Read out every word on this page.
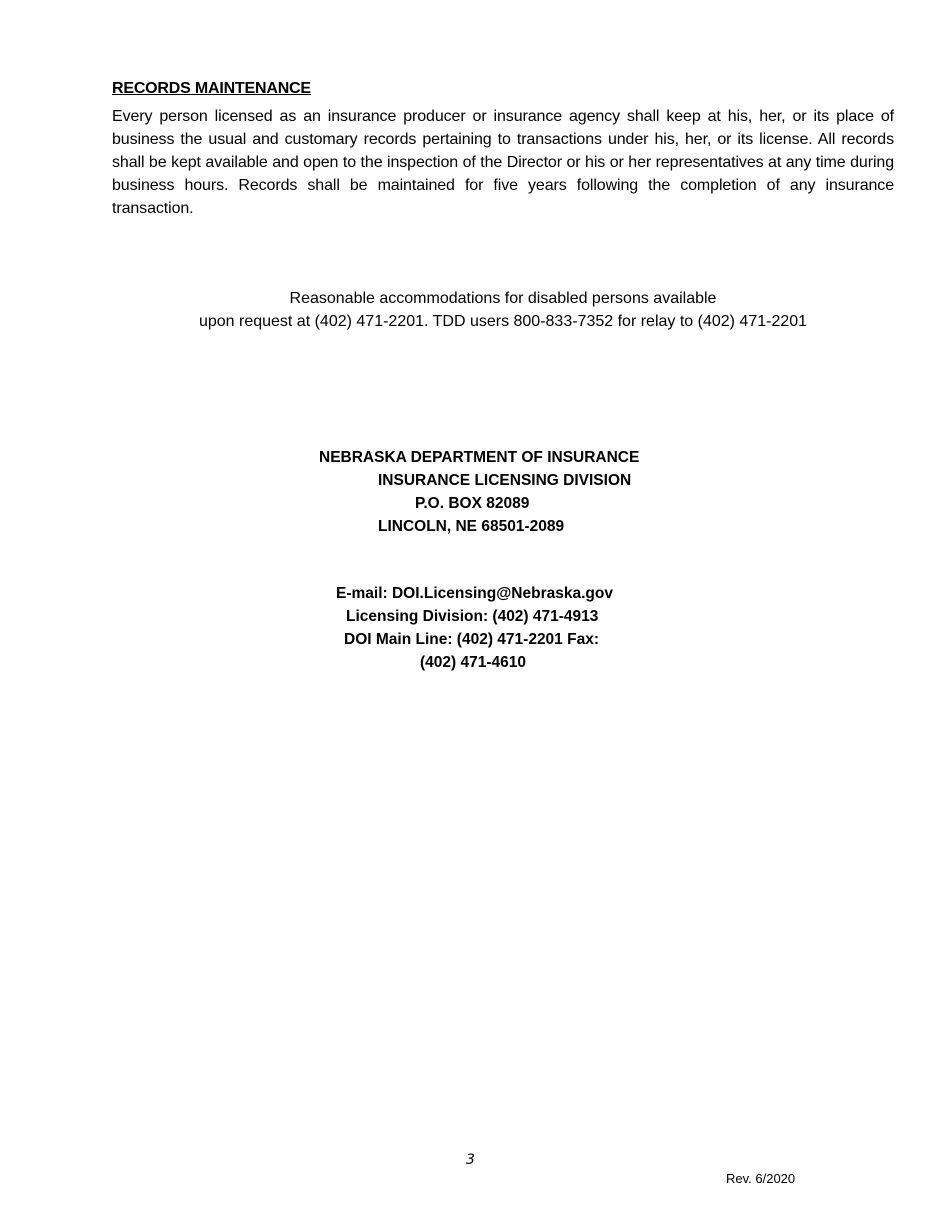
RECORDS MAINTENANCE
Every person licensed as an insurance producer or insurance agency shall keep at his, her, or its place of business the usual and customary records pertaining to transactions under his, her, or its license. All records shall be kept available and open to the inspection of the Director or his or her representatives at any time during business hours. Records shall be maintained for five years following the completion of any insurance transaction.
Reasonable accommodations for disabled persons available
upon request at (402) 471-2201. TDD users 800-833-7352 for relay to (402) 471-2201
NEBRASKA DEPARTMENT OF INSURANCE
INSURANCE LICENSING DIVISION
P.O. BOX 82089
LINCOLN, NE 68501-2089
E-mail: DOI.Licensing@Nebraska.gov
Licensing Division: (402) 471-4913
DOI Main Line: (402) 471-2201 Fax:
(402) 471-4610
3
Rev. 6/2020
